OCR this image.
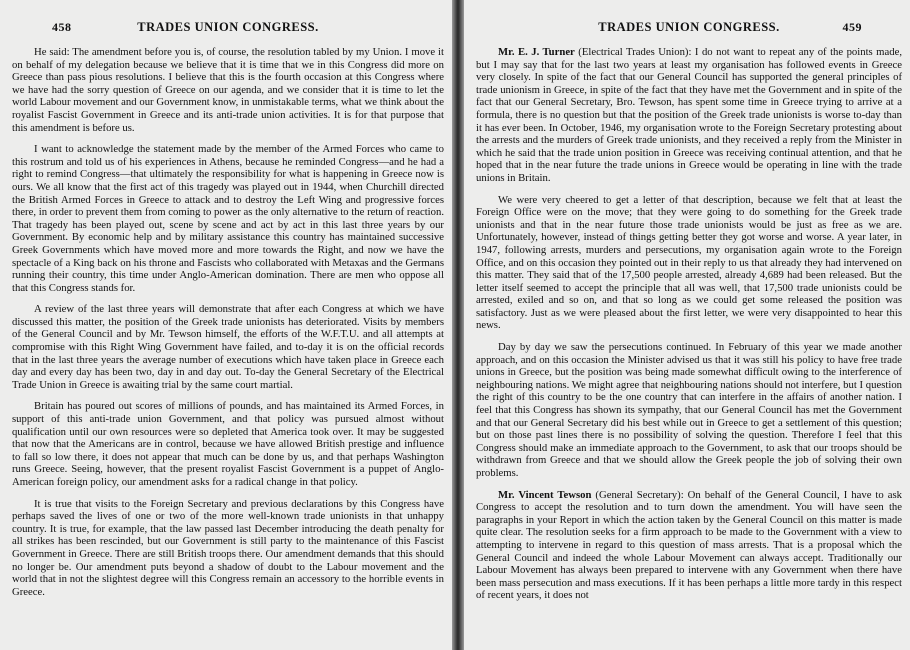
458	TRADES UNION CONGRESS.

He said: The amendment before you is, of course, the resolution tabled by my Union. I move it on behalf of my delegation because we believe that it is time that we in this Congress did more on Greece than pass pious resolutions. I believe that this is the fourth occasion at this Congress where we have had the sorry question of Greece on our agenda, and we consider that it is time to let the world Labour movement and our Government know, in unmistakable terms, what we think about the royalist Fascist Government in Greece and its anti-trade union activities. It is for that purpose that this amendment is before us.

I want to acknowledge the statement made by the member of the Armed Forces who came to this rostrum and told us of his experiences in Athens, because he reminded Congress—and he had a right to remind Congress—that ultimately the responsibility for what is happening in Greece now is ours. We all know that the first act of this tragedy was played out in 1944, when Churchill directed the British Armed Forces in Greece to attack and to destroy the Left Wing and progressive forces there, in order to prevent them from coming to power as the only alternative to the return of reaction. That tragedy has been played out, scene by scene and act by act in this last three years by our Government. By economic help and by military assistance this country has maintained successive Greek Governments which have moved more and more towards the Right, and now we have the spectacle of a King back on his throne and Fascists who collaborated with Metaxas and the Germans running their country, this time under Anglo-American domination. There are men who oppose all that this Congress stands for.

A review of the last three years will demonstrate that after each Congress at which we have discussed this matter, the position of the Greek trade unionists has deteriorated. Visits by members of the General Council and by Mr. Tewson himself, the efforts of the W.F.T.U. and all attempts at compromise with this Right Wing Government have failed, and to-day it is on the official records that in the last three years the average number of executions which have taken place in Greece each day and every day has been two, day in and day out. To-day the General Secretary of the Electrical Trade Union in Greece is awaiting trial by the same court martial.

Britain has poured out scores of millions of pounds, and has maintained its Armed Forces, in support of this anti-trade union Government, and that policy was pursued almost without qualification until our own resources were so depleted that America took over. It may be suggested that now that the Americans are in control, because we have allowed British prestige and influence to fall so low there, it does not appear that much can be done by us, and that perhaps Washington runs Greece. Seeing, however, that the present royalist Fascist Government is a puppet of Anglo-American foreign policy, our amendment asks for a radical change in that policy.

It is true that visits to the Foreign Secretary and previous declarations by this Congress have perhaps saved the lives of one or two of the more well-known trade unionists in that unhappy country. It is true, for example, that the law passed last December introducing the death penalty for all strikes has been rescinded, but our Government is still party to the maintenance of this Fascist Government in Greece. There are still British troops there. Our amendment demands that this should no longer be. Our amendment puts beyond a shadow of doubt to the Labour movement and the world that in not the slightest degree will this Congress remain an accessory to the horrible events in Greece.

TRADES UNION CONGRESS.	459

Mr. E. J. Turner (Electrical Trades Union): I do not want to repeat any of the points made, but I may say that for the last two years at least my organisation has followed events in Greece very closely. In spite of the fact that our General Council has supported the general principles of trade unionism in Greece, in spite of the fact that they have met the Government and in spite of the fact that our General Secretary, Bro. Tewson, has spent some time in Greece trying to arrive at a formula, there is no question but that the position of the Greek trade unionists is worse to-day than it has ever been. In October, 1946, my organisation wrote to the Foreign Secretary protesting about the arrests and the murders of Greek trade unionists, and they received a reply from the Minister in which he said that the trade union position in Greece was receiving continual attention, and that he hoped that in the near future the trade unions in Greece would be operating in line with the trade unions in Britain.

We were very cheered to get a letter of that description, because we felt that at least the Foreign Office were on the move; that they were going to do something for the Greek trade unionists and that in the near future those trade unionists would be just as free as we are. Unfortunately, however, instead of things getting better they got worse and worse. A year later, in 1947, following arrests, murders and persecutions, my organisation again wrote to the Foreign Office, and on this occasion they pointed out in their reply to us that already they had intervened on this matter. They said that of the 17,500 people arrested, already 4,689 had been released. But the letter itself seemed to accept the principle that all was well, that 17,500 trade unionists could be arrested, exiled and so on, and that so long as we could get some released the position was satisfactory. Just as we were pleased about the first letter, we were very disappointed to hear this news.

Day by day we saw the persecutions continued. In February of this year we made another approach, and on this occasion the Minister advised us that it was still his policy to have free trade unions in Greece, but the position was being made somewhat difficult owing to the interference of neighbouring nations. We might agree that neighbouring nations should not interfere, but I question the right of this country to be the one country that can interfere in the affairs of another nation. I feel that this Congress has shown its sympathy, that our General Council has met the Government and that our General Secretary did his best while out in Greece to get a settlement of this question; but on those past lines there is no possibility of solving the question. Therefore I feel that this Congress should make an immediate approach to the Government, to ask that our troops should be withdrawn from Greece and that we should allow the Greek people the job of solving their own problems.

Mr. Vincent Tewson (General Secretary): On behalf of the General Council, I have to ask Congress to accept the resolution and to turn down the amendment. You will have seen the paragraphs in your Report in which the action taken by the General Council on this matter is made quite clear. The resolution seeks for a firm approach to be made to the Government with a view to attempting to intervene in regard to this question of mass arrests. That is a proposal which the General Council and indeed the whole Labour Movement can always accept. Traditionally our Labour Movement has always been prepared to intervene with any Government when there have been mass persecution and mass executions. If it has been perhaps a little more tardy in this respect of recent years, it does not
